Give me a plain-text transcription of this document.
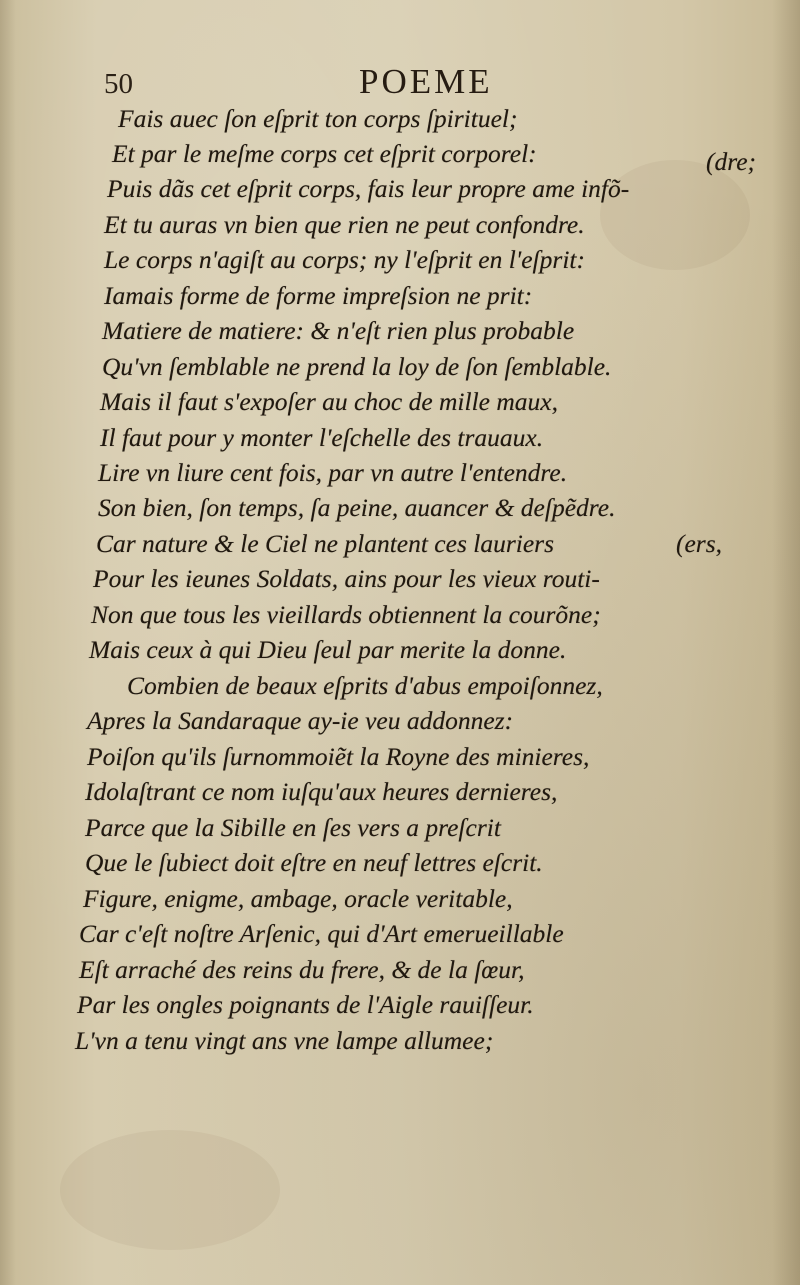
50	POEME
Fais auec ſon eſprit ton corps ſpirituel;
Et par le meſme corps cet eſprit corporel:	(dre;
Puis dãs cet eſprit corps, fais leur propre ame infõ-
Et tu auras vn bien que rien ne peut confondre.
Le corps n'agiſt au corps; ny l'eſprit en l'eſprit:
Iamais forme de forme impreſsion ne prit:
Matiere de matiere: & n'eſt rien plus probable
Qu'vn ſemblable ne prend la loy de ſon ſemblable.
Mais il faut s'expoſer au choc de mille maux,
Il faut pour y monter l'eſchelle des trauaux.
Lire vn liure cent fois, par vn autre l'entendre.
Son bien, ſon temps, ſa peine, auancer & deſpẽdre.
Car nature & le Ciel ne plantent ces lauriers	(ers,
Pour les ieunes Soldats, ains pour les vieux routi-
Non que tous les vieillards obtiennent la courõne;
Mais ceux à qui Dieu ſeul par merite la donne.
Combien de beaux eſprits d'abus empoiſonnez,
Apres la Sandaraque ay-ie veu addonnez:
Poiſon qu'ils ſurnommoiẽt la Royne des minieres,
Idolaſtrant ce nom iuſqu'aux heures dernieres,
Parce que la Sibille en ſes vers a preſcrit
Que le ſubiect doit eſtre en neuf lettres eſcrit.
Figure, enigme, ambage, oracle veritable,
Car c'eſt noſtre Arſenic, qui d'Art emerueillable
Eſt arraché des reins du frere, & de la ſœur,
Par les ongles poignants de l'Aigle rauiſſeur.
L'vn a tenu vingt ans vne lampe allumee;
